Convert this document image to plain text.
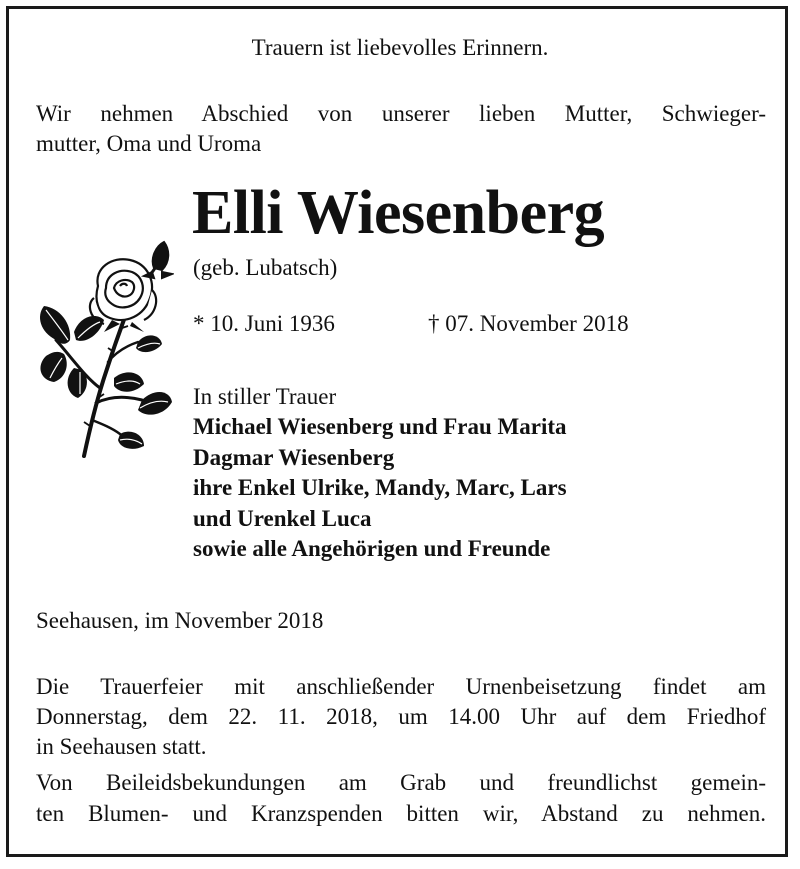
Trauern ist liebevolles Erinnern.
Wir nehmen Abschied von unserer lieben Mutter, Schwieger-
mutter, Oma und Uroma
Elli Wiesenberg
(geb. Lubatsch)
* 10. Juni 1936	† 07. November 2018
In stiller Trauer
Michael Wiesenberg und Frau Marita
Dagmar Wiesenberg
ihre Enkel Ulrike, Mandy, Marc, Lars
und Urenkel Luca
sowie alle Angehörigen und Freunde
Seehausen, im November 2018
Die Trauerfeier mit anschließender Urnenbeisetzung findet am
Donnerstag, dem 22. 11. 2018, um 14.00 Uhr auf dem Friedhof
in Seehausen statt.
Von Beileidsbekundungen am Grab und freundlichst gemein-
ten Blumen- und Kranzspenden bitten wir, Abstand zu nehmen.
